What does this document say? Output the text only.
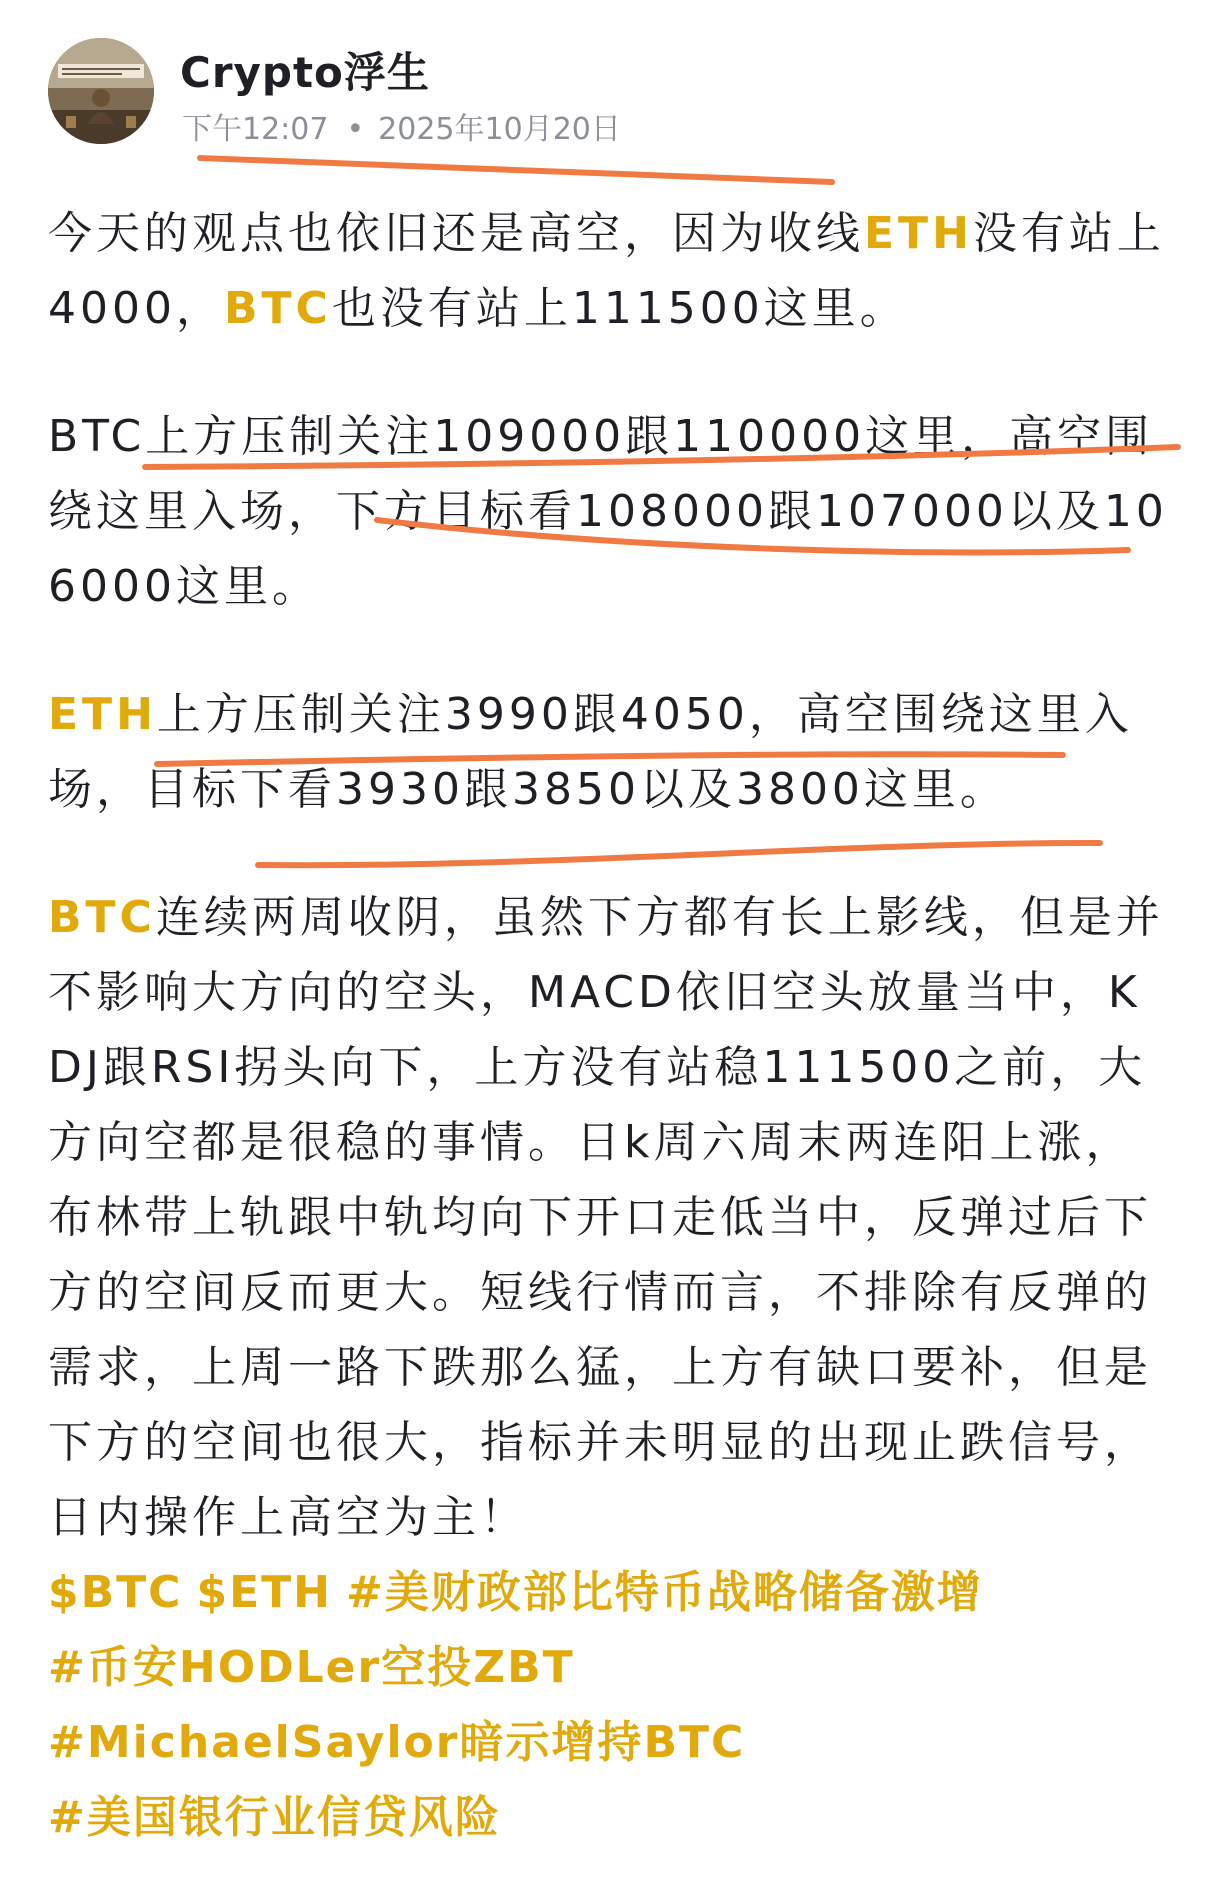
Crypto浮生
下午12:07 • 2025年10月20日
今天的观点也依旧还是高空，因为收线ETH没有站上4000，BTC也没有站上111500这里。
BTC上方压制关注109000跟110000这里，高空围绕这里入场，下方目标看108000跟107000以及106000这里。
ETH上方压制关注3990跟4050，高空围绕这里入场，目标下看3930跟3850以及3800这里。
BTC连续两周收阴，虽然下方都有长上影线，但是并不影响大方向的空头，MACD依旧空头放量当中，KDJ跟RSI拐头向下，上方没有站稳111500之前，大方向空都是很稳的事情。日k周六周末两连阳上涨，布林带上轨跟中轨均向下开口走低当中，反弹过后下方的空间反而更大。短线行情而言，不排除有反弹的需求，上周一路下跌那么猛，上方有缺口要补，但是下方的空间也很大，指标并未明显的出现止跌信号，日内操作上高空为主！
$BTC $ETH #美财政部比特币战略储备激增
#币安HODLer空投ZBT
#MichaelSaylor暗示增持BTC
#美国银行业信贷风险
